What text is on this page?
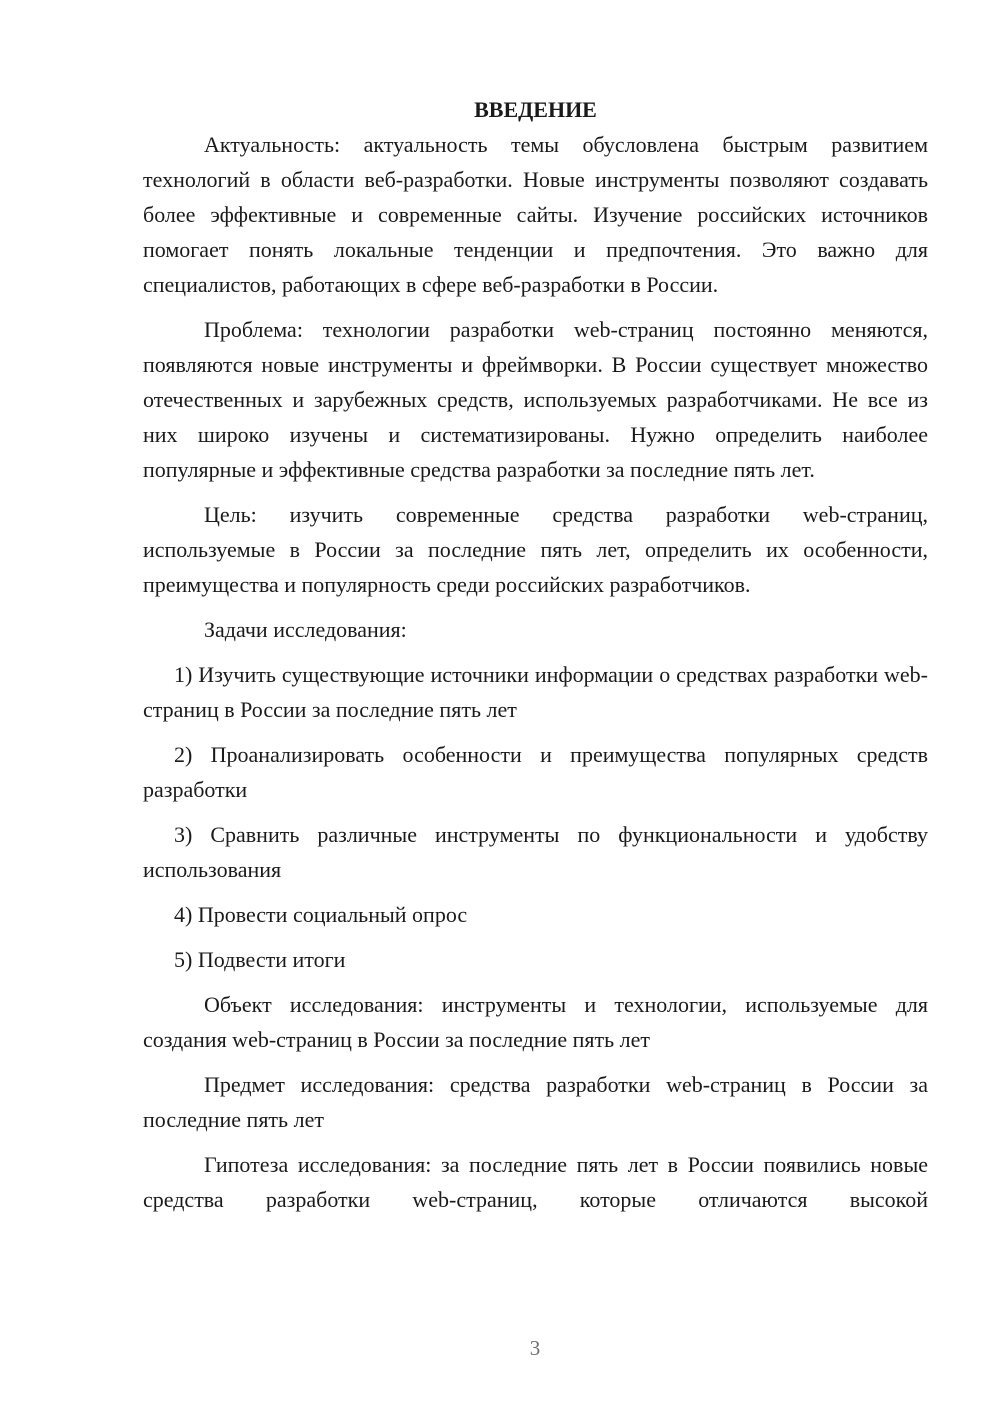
ВВЕДЕНИЕ

Актуальность: актуальность темы обусловлена быстрым развитием технологий в области веб-разработки. Новые инструменты позволяют создавать более эффективные и современные сайты. Изучение российских источников помогает понять локальные тенденции и предпочтения. Это важно для специалистов, работающих в сфере веб-разработки в России.

Проблема: технологии разработки web-страниц постоянно меняются, появляются новые инструменты и фреймворки. В России существует множество отечественных и зарубежных средств, используемых разработчиками. Не все из них широко изучены и систематизированы. Нужно определить наиболее популярные и эффективные средства разработки за последние пять лет.

Цель: изучить современные средства разработки web-страниц, используемые в России за последние пять лет, определить их особенности, преимущества и популярность среди российских разработчиков.

Задачи исследования:

1) Изучить существующие источники информации о средствах разработки web-страниц в России за последние пять лет

2) Проанализировать особенности и преимущества популярных средств разработки

3) Сравнить различные инструменты по функциональности и удобству использования

4) Провести социальный опрос

5) Подвести итоги

Объект исследования: инструменты и технологии, используемые для создания web-страниц в России за последние пять лет

Предмет исследования: средства разработки web-страниц в России за последние пять лет

Гипотеза исследования: за последние пять лет в России появились новые средства разработки web-страниц, которые отличаются высокой

3
